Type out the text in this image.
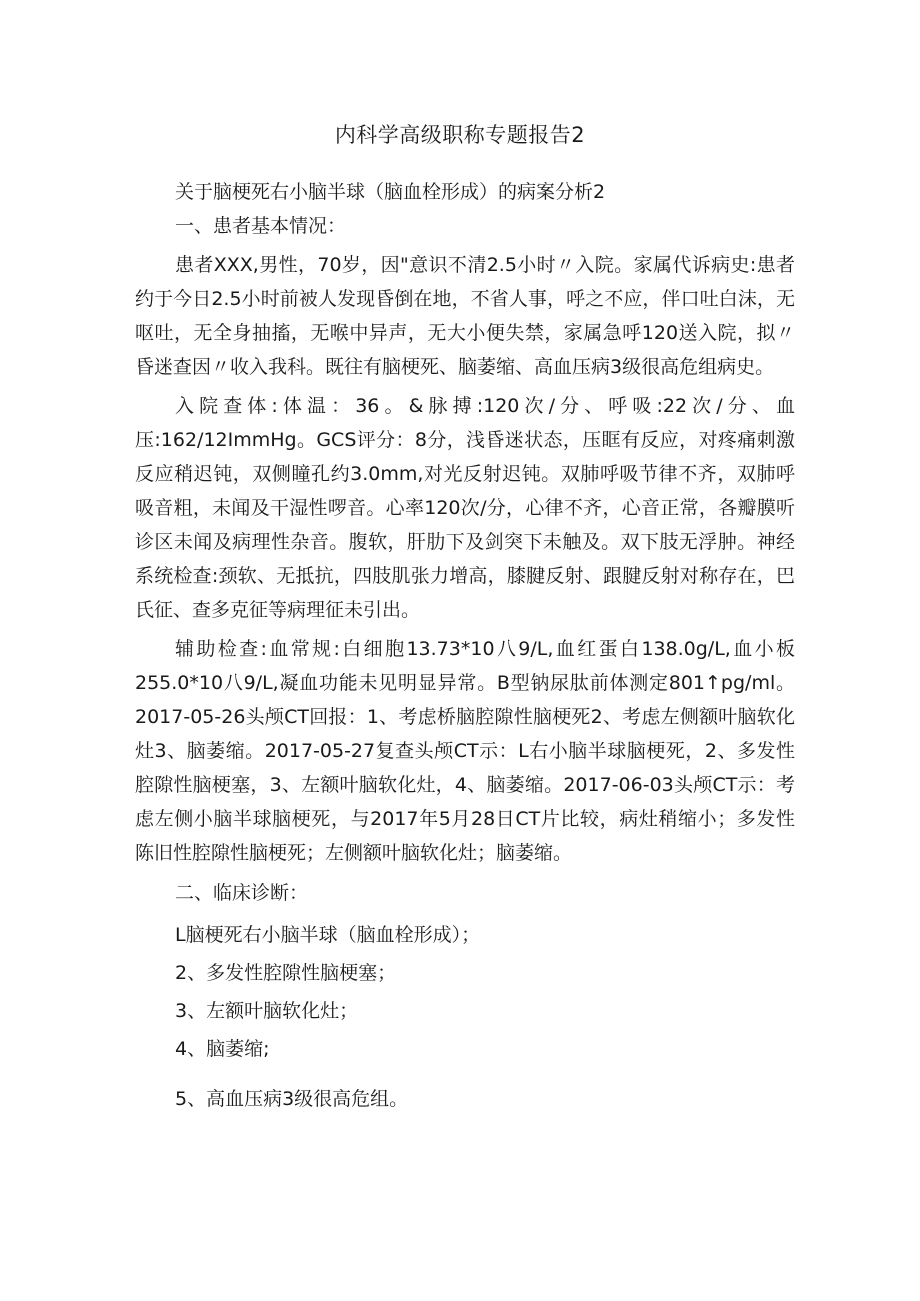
内科学高级职称专题报告2
关于脑梗死右小脑半球（脑血栓形成）的病案分析2
一、患者基本情况：

患者XXX,男性，70岁，因"意识不清2.5小时〃入院。家属代诉病史:患者约于今日2.5小时前被人发现昏倒在地，不省人事，呼之不应，伴口吐白沫，无呕吐，无全身抽搐，无喉中异声，无大小便失禁，家属急呼120送入院，拟〃昏迷查因〃收入我科。既往有脑梗死、脑萎缩、高血压病3级很高危组病史。

入院查体:体温：36。&脉搏:120次/分、呼吸:22次/分、血压:162/12ImmHg。GCS评分：8分，浅昏迷状态，压眶有反应，对疼痛刺激反应稍迟钝，双侧瞳孔约3.0mm,对光反射迟钝。双肺呼吸节律不齐，双肺呼吸音粗，未闻及干湿性啰音。心率120次/分，心律不齐，心音正常，各瓣膜听诊区未闻及病理性杂音。腹软，肝肋下及剑突下未触及。双下肢无浮肿。神经系统检查:颈软、无抵抗，四肢肌张力增高，膝腱反射、跟腱反射对称存在，巴氏征、查多克征等病理征未引出。

辅助检查:血常规:白细胞13.73*10八9/L,血红蛋白138.0g∕L,血小板255.0*10八9/L,凝血功能未见明显异常。B型钠尿肽前体测定801↑pg∕ml。2017-05-26头颅CT回报：1、考虑桥脑腔隙性脑梗死2、考虑左侧额叶脑软化灶3、脑萎缩。2017-05-27复查头颅CT示：L右小脑半球脑梗死，2、多发性腔隙性脑梗塞，3、左额叶脑软化灶，4、脑萎缩。2017-06-03头颅CT示：考虑左侧小脑半球脑梗死，与2017年5月28日CT片比较，病灶稍缩小；多发性陈旧性腔隙性脑梗死；左侧额叶脑软化灶；脑萎缩。

二、临床诊断：
L脑梗死右小脑半球（脑血栓形成）；
2、多发性腔隙性脑梗塞；
3、左额叶脑软化灶；
4、脑萎缩;
5、高血压病3级很高危组。
